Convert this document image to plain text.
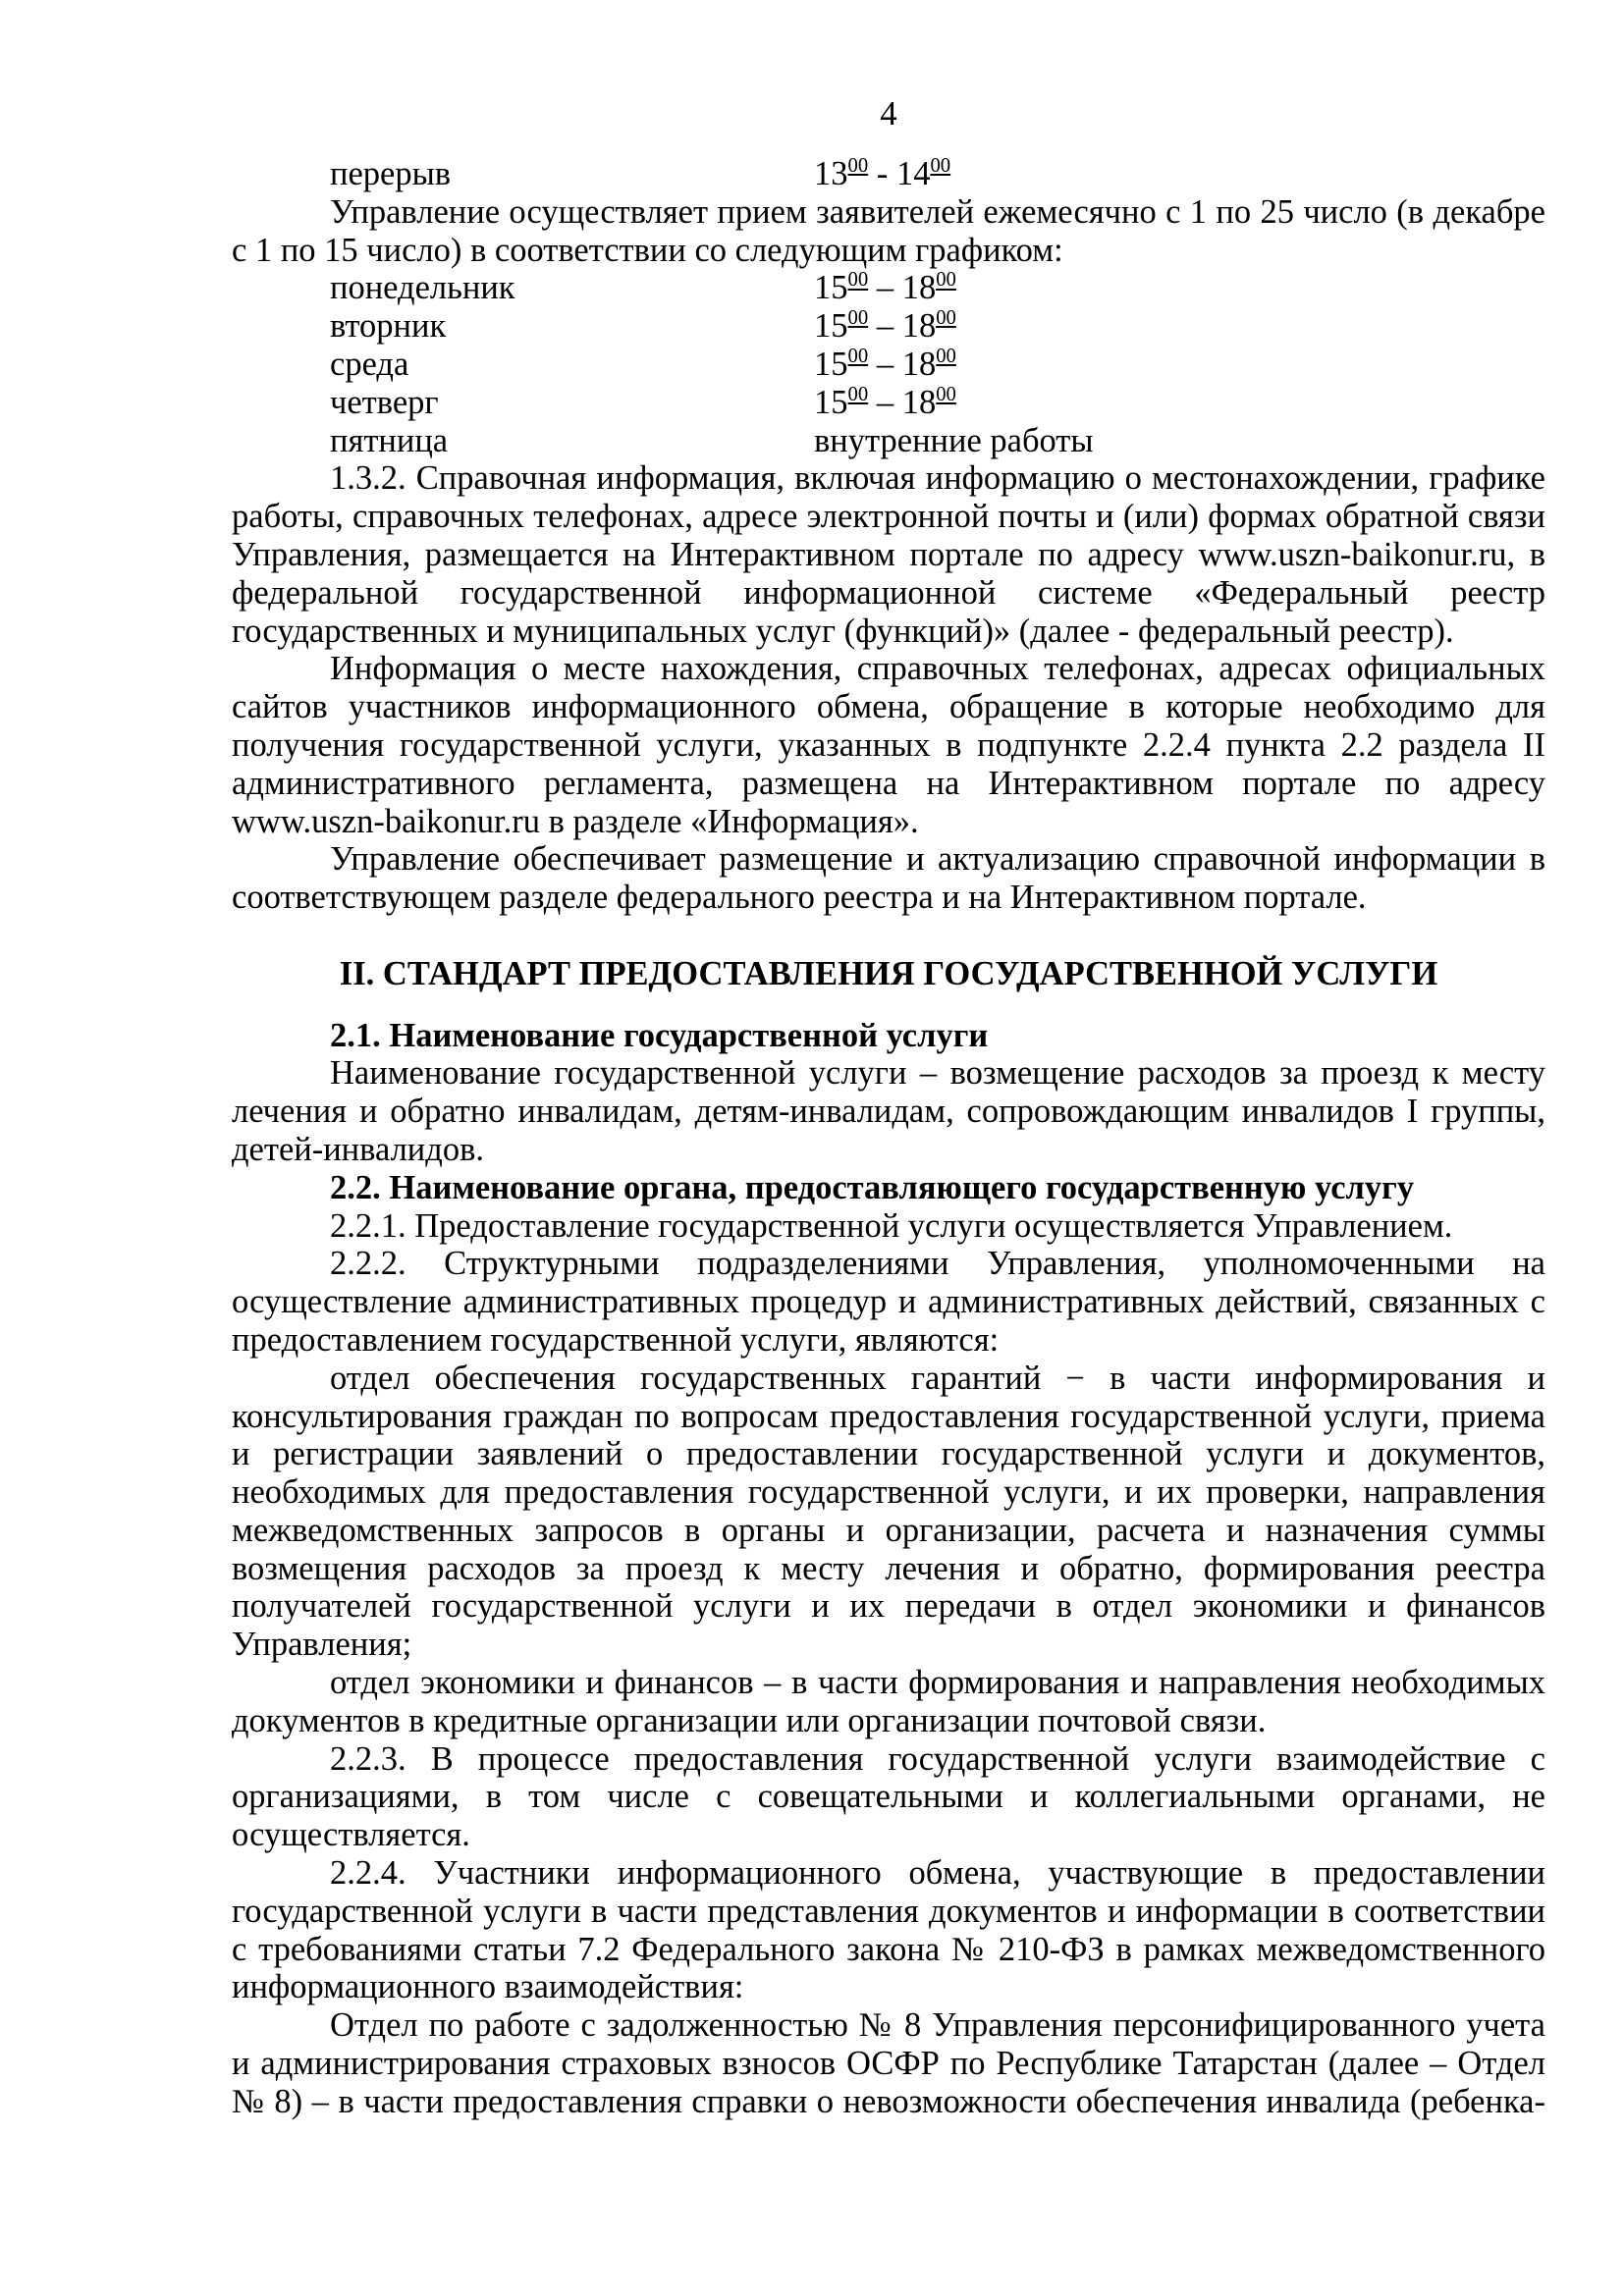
4
перерыв	$13^{00} - 14^{00}$

Управление осуществляет прием заявителей ежемесячно с 1 по 25 число (в декабре с 1 по 15 число) в соответствии со следующим графиком:

понедельник	$15^{00} - 18^{00}$
вторник	$15^{00} - 18^{00}$
среда	$15^{00} - 18^{00}$
четверг	$15^{00} - 18^{00}$
пятница	внутренние работы

1.3.2. Справочная информация, включая информацию о местонахождении, графике работы, справочных телефонах, адресе электронной почты и (или) формах обратной связи Управления, размещается на Интерактивном портале по адресу www.uszn-baikonur.ru, в федеральной государственной информационной системе «Федеральный реестр государственных и муниципальных услуг (функций)» (далее - федеральный реестр).

Информация о месте нахождения, справочных телефонах, адресах официальных сайтов участников информационного обмена, обращение в которые необходимо для получения государственной услуги, указанных в подпункте 2.2.4 пункта 2.2 раздела II административного регламента, размещена на Интерактивном портале по адресу www.uszn-baikonur.ru в разделе «Информация».

Управление обеспечивает размещение и актуализацию справочной информации в соответствующем разделе федерального реестра и на Интерактивном портале.

II. СТАНДАРТ ПРЕДОСТАВЛЕНИЯ ГОСУДАРСТВЕННОЙ УСЛУГИ

2.1. Наименование государственной услуги

Наименование государственной услуги – возмещение расходов за проезд к месту лечения и обратно инвалидам, детям-инвалидам, сопровождающим инвалидов I группы, детей-инвалидов.

2.2. Наименование органа, предоставляющего государственную услугу

2.2.1. Предоставление государственной услуги осуществляется Управлением.

2.2.2. Структурными подразделениями Управления, уполномоченными на осуществление административных процедур и административных действий, связанных с предоставлением государственной услуги, являются:

отдел обеспечения государственных гарантий − в части информирования и консультирования граждан по вопросам предоставления государственной услуги, приема и регистрации заявлений о предоставлении государственной услуги и документов, необходимых для предоставления государственной услуги, и их проверки, направления межведомственных запросов в органы и организации, расчета и назначения суммы возмещения расходов за проезд к месту лечения и обратно, формирования реестра получателей государственной услуги и их передачи в отдел экономики и финансов Управления;

отдел экономики и финансов – в части формирования и направления необходимых документов в кредитные организации или организации почтовой связи.

2.2.3. В процессе предоставления государственной услуги взаимодействие с организациями, в том числе с совещательными и коллегиальными органами, не осуществляется.

2.2.4. Участники информационного обмена, участвующие в предоставлении государственной услуги в части представления документов и информации в соответствии с требованиями статьи 7.2 Федерального закона № 210-ФЗ в рамках межведомственного информационного взаимодействия:

Отдел по работе с задолженностью № 8 Управления персонифицированного учета и администрирования страховых взносов ОСФР по Республике Татарстан (далее – Отдел № 8) – в части предоставления справки о невозможности обеспечения инвалида (ребенка-
